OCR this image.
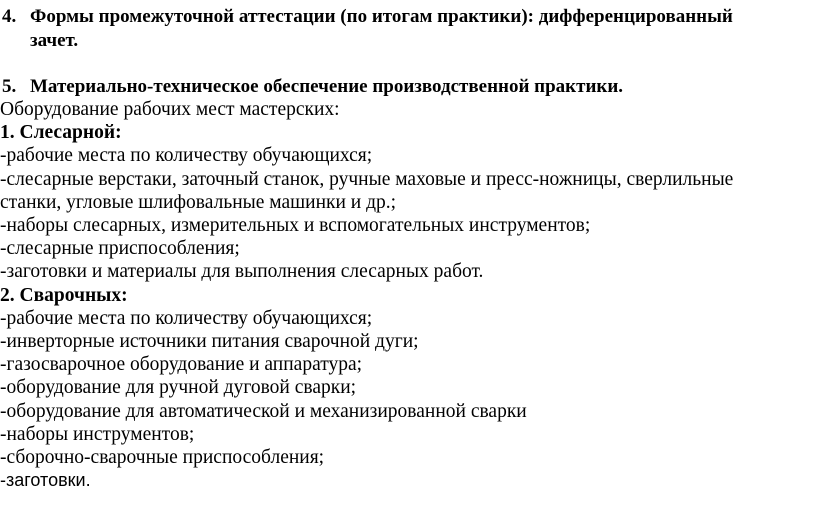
4. Формы промежуточной аттестации (по итогам практики): дифференцированный
зачет.
5. Материально-техническое обеспечение производственной практики.
Оборудование рабочих мест мастерских:
1. Слесарной:
-рабочие места по количеству обучающихся;
-слесарные верстаки, заточный станок, ручные маховые и пресс-ножницы, сверлильные
станки, угловые шлифовальные машинки и др.;
-наборы слесарных, измерительных и вспомогательных инструментов;
-слесарные приспособления;
-заготовки и материалы для выполнения слесарных работ.
2. Сварочных:
-рабочие места по количеству обучающихся;
-инверторные источники питания сварочной дуги;
-газосварочное оборудование и аппаратура;
-оборудование для ручной дуговой сварки;
-оборудование для автоматической и механизированной сварки
-наборы инструментов;
-сборочно-сварочные приспособления;
-заготовки.
